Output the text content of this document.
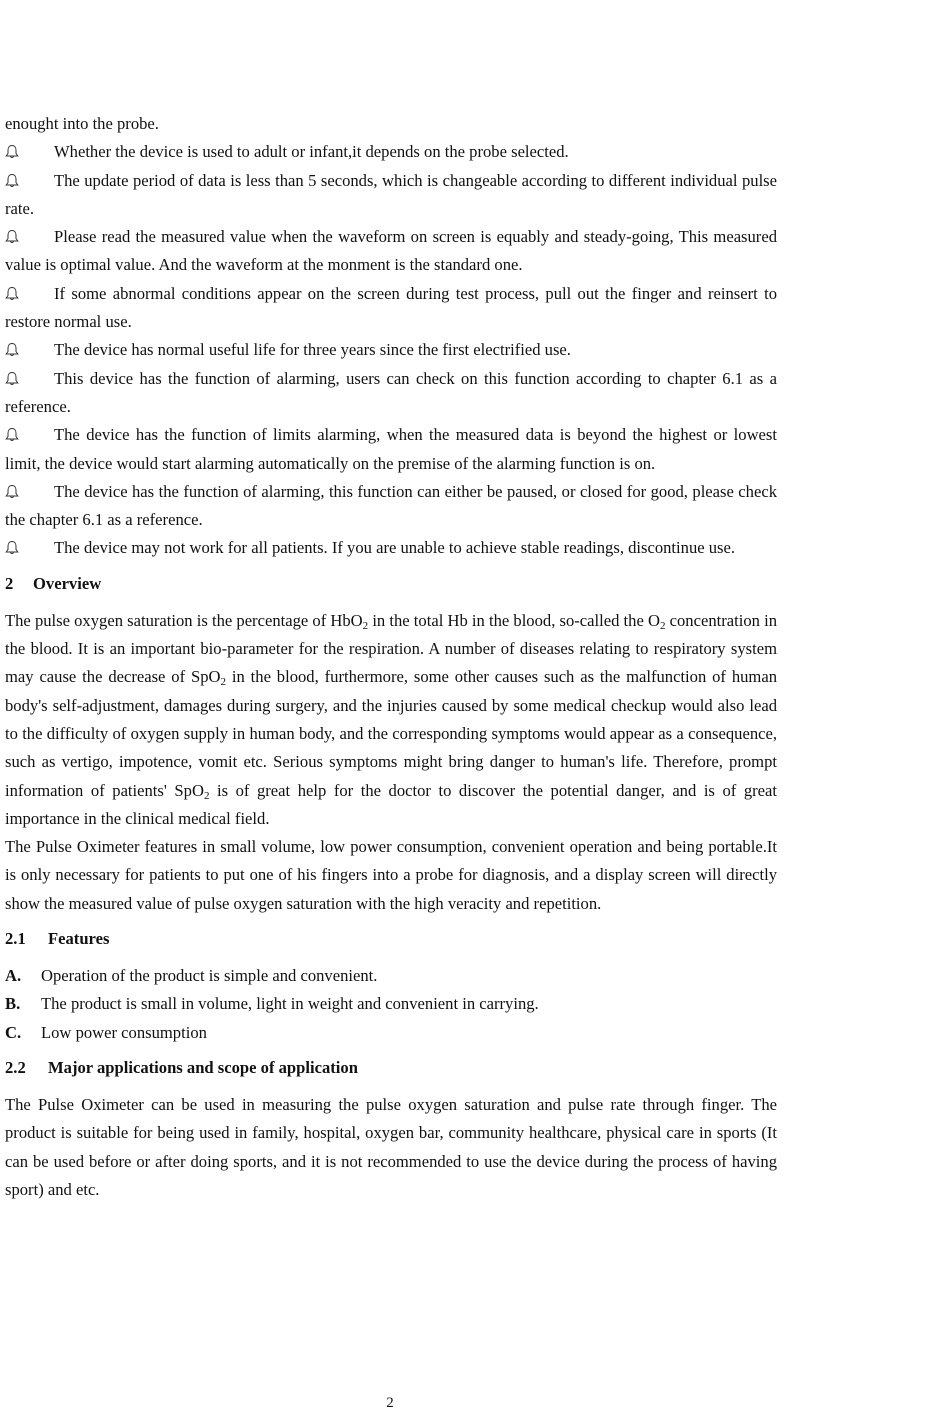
enought into the probe.

Whether the device is used to adult or infant,it depends on the probe selected.

The update period of data is less than 5 seconds, which is changeable according to different individual pulse rate.

Please read the measured value when the waveform on screen is equably and steady-going, This measured value is optimal value. And the waveform at the monment is the standard one.

If some abnormal conditions appear on the screen during test process, pull out the finger and reinsert to restore normal use.

The device has normal useful life for three years since the first electrified use.

This device has the function of alarming, users can check on this function according to chapter 6.1 as a reference.

The device has the function of limits alarming, when the measured data is beyond the highest or lowest limit, the device would start alarming automatically on the premise of the alarming function is on.

The device has the function of alarming, this function can either be paused, or closed for good, please check the chapter 6.1 as a reference.

The device may not work for all patients. If you are unable to achieve stable readings, discontinue use.

2 Overview

The pulse oxygen saturation is the percentage of HbO$_2$ in the total Hb in the blood, so-called the $O_2$ concentration in the blood. It is an important bio-parameter for the respiration. A number of diseases relating to respiratory system may cause the decrease of SpO$_2$ in the blood, furthermore, some other causes such as the malfunction of human body's self-adjustment, damages during surgery, and the injuries caused by some medical checkup would also lead to the difficulty of oxygen supply in human body, and the corresponding symptoms would appear as a consequence, such as vertigo, impotence, vomit etc. Serious symptoms might bring danger to human's life. Therefore, prompt information of patients' SpO$_2$ is of great help for the doctor to discover the potential danger, and is of great importance in the clinical medical field.

The Pulse Oximeter features in small volume, low power consumption, convenient operation and being portable.It is only necessary for patients to put one of his fingers into a probe for diagnosis, and a display screen will directly show the measured value of pulse oxygen saturation with the high veracity and repetition.

2.1 Features
A.	Operation of the product is simple and convenient.
B.	The product is small in volume, light in weight and convenient in carrying.
C.	Low power consumption
2.2 Major applications and scope of application

The Pulse Oximeter can be used in measuring the pulse oxygen saturation and pulse rate through finger. The product is suitable for being used in family, hospital, oxygen bar, community healthcare, physical care in sports (It can be used before or after doing sports, and it is not recommended to use the device during the process of having sport) and etc.

2
